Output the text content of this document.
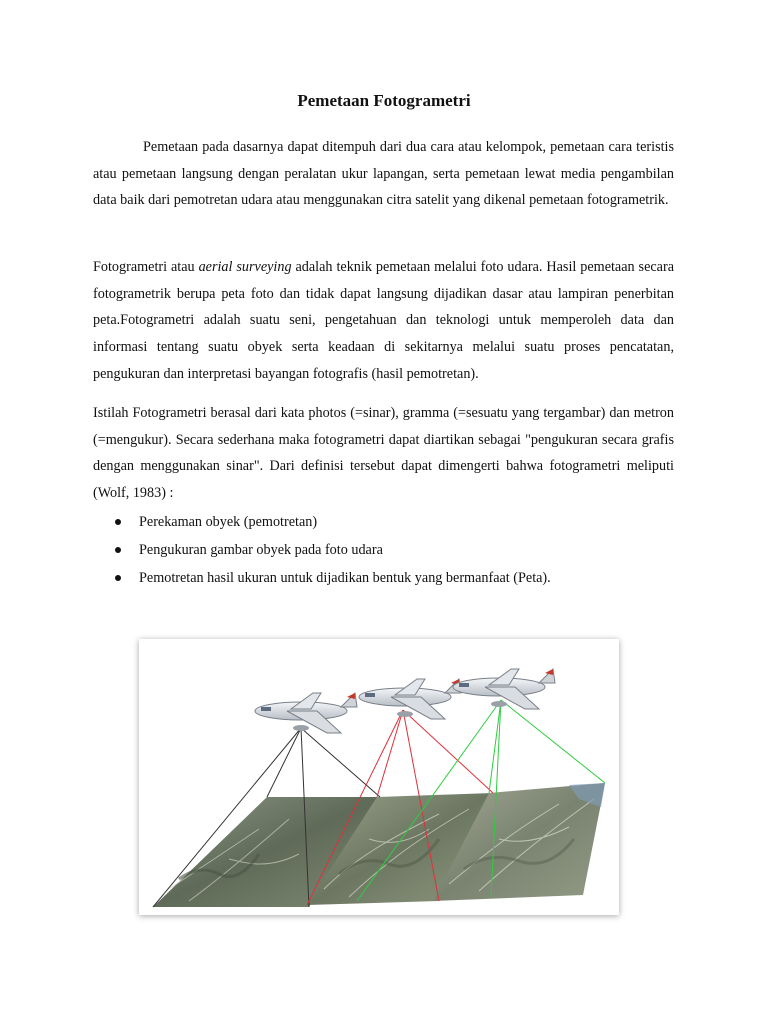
Pemetaan Fotogrametri

Pemetaan pada dasarnya dapat ditempuh dari dua cara atau kelompok, pemetaan cara teristis atau pemetaan langsung dengan peralatan ukur lapangan, serta pemetaan lewat media pengambilan data baik dari pemotretan udara atau menggunakan citra satelit yang dikenal pemetaan fotogrametrik.

Fotogrametri atau aerial surveying adalah teknik pemetaan melalui foto udara. Hasil pemetaan secara fotogrametrik berupa peta foto dan tidak dapat langsung dijadikan dasar atau lampiran penerbitan peta.Fotogrametri adalah suatu seni, pengetahuan dan teknologi untuk memperoleh data dan informasi tentang suatu obyek serta keadaan di sekitarnya melalui suatu proses pencatatan, pengukuran dan interpretasi bayangan fotografis (hasil pemotretan).

Istilah Fotogrametri berasal dari kata photos (=sinar), gramma (=sesuatu yang tergambar) dan metron (=mengukur). Secara sederhana maka fotogrametri dapat diartikan sebagai "pengukuran secara grafis dengan menggunakan sinar". Dari definisi tersebut dapat dimengerti bahwa fotogrametri meliputi (Wolf, 1983) :

Perekaman obyek (pemotretan)
Pengukuran gambar obyek pada foto udara
Pemotretan hasil ukuran untuk dijadikan bentuk yang bermanfaat (Peta).
